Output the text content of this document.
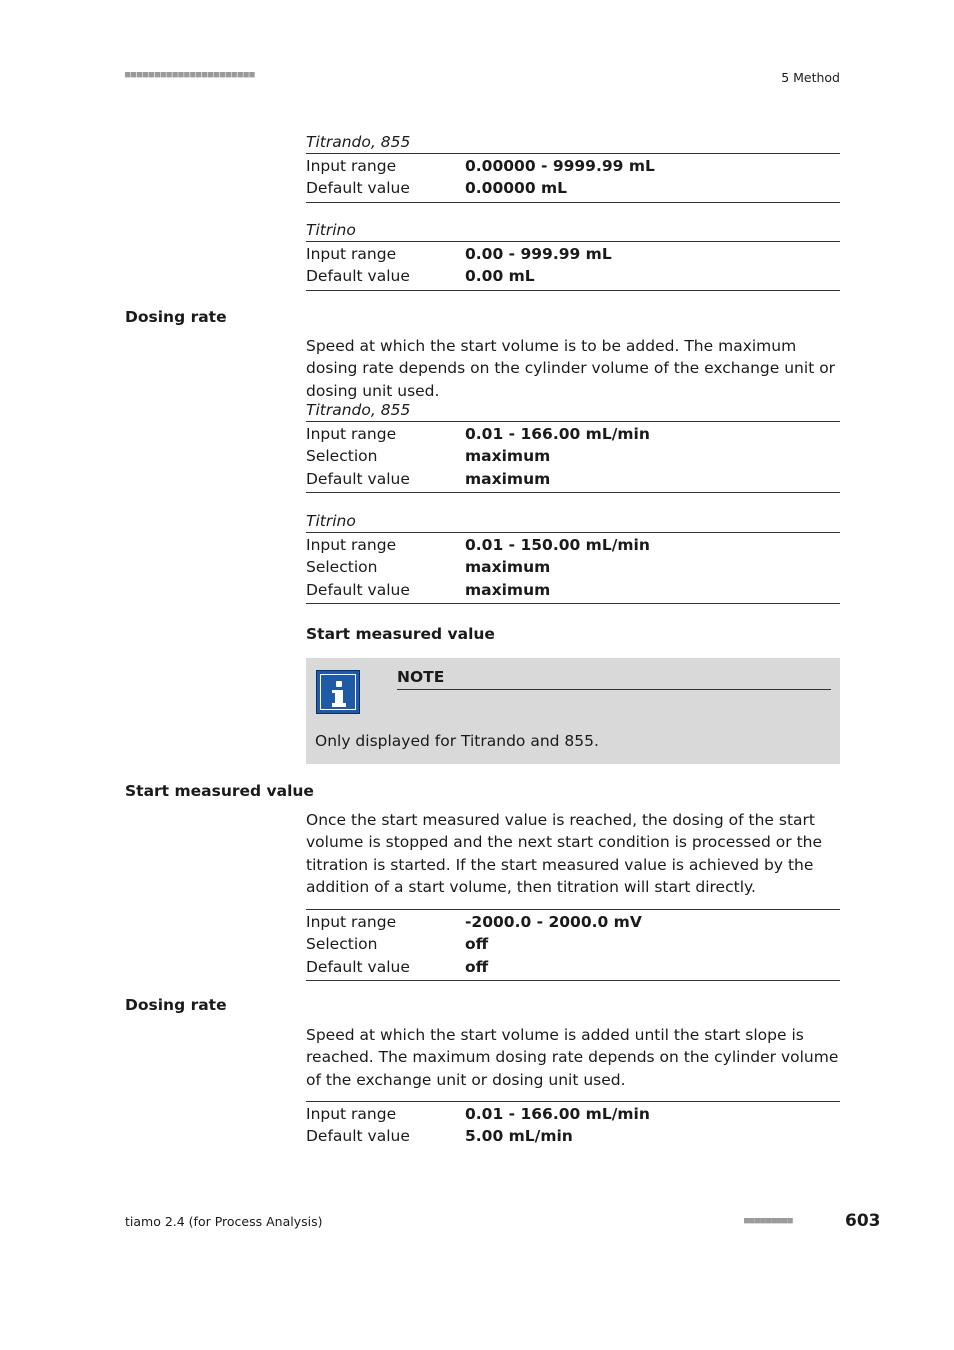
■■■■■■■■■■■■■■■■■■■■■■	5 Method
Titrando, 855
Input range	0.00000 - 9999.99 mL
Default value	0.00000 mL
Titrino
Input range	0.00 - 999.99 mL
Default value	0.00 mL
Dosing rate
Speed at which the start volume is to be added. The maximum dosing rate depends on the cylinder volume of the exchange unit or dosing unit used.
Titrando, 855
Input range	0.01 - 166.00 mL/min
Selection	maximum
Default value	maximum
Titrino
Input range	0.01 - 150.00 mL/min
Selection	maximum
Default value	maximum
Start measured value
NOTE
Only displayed for Titrando and 855.
Start measured value
Once the start measured value is reached, the dosing of the start volume is stopped and the next start condition is processed or the titration is started. If the start measured value is achieved by the addition of a start volume, then titration will start directly.
Input range	-2000.0 - 2000.0 mV
Selection	off
Default value	off
Dosing rate
Speed at which the start volume is added until the start slope is reached. The maximum dosing rate depends on the cylinder volume of the exchange unit or dosing unit used.
Input range	0.01 - 166.00 mL/min
Default value	5.00 mL/min
tiamo 2.4 (for Process Analysis)	■■■■■■■■■	603
